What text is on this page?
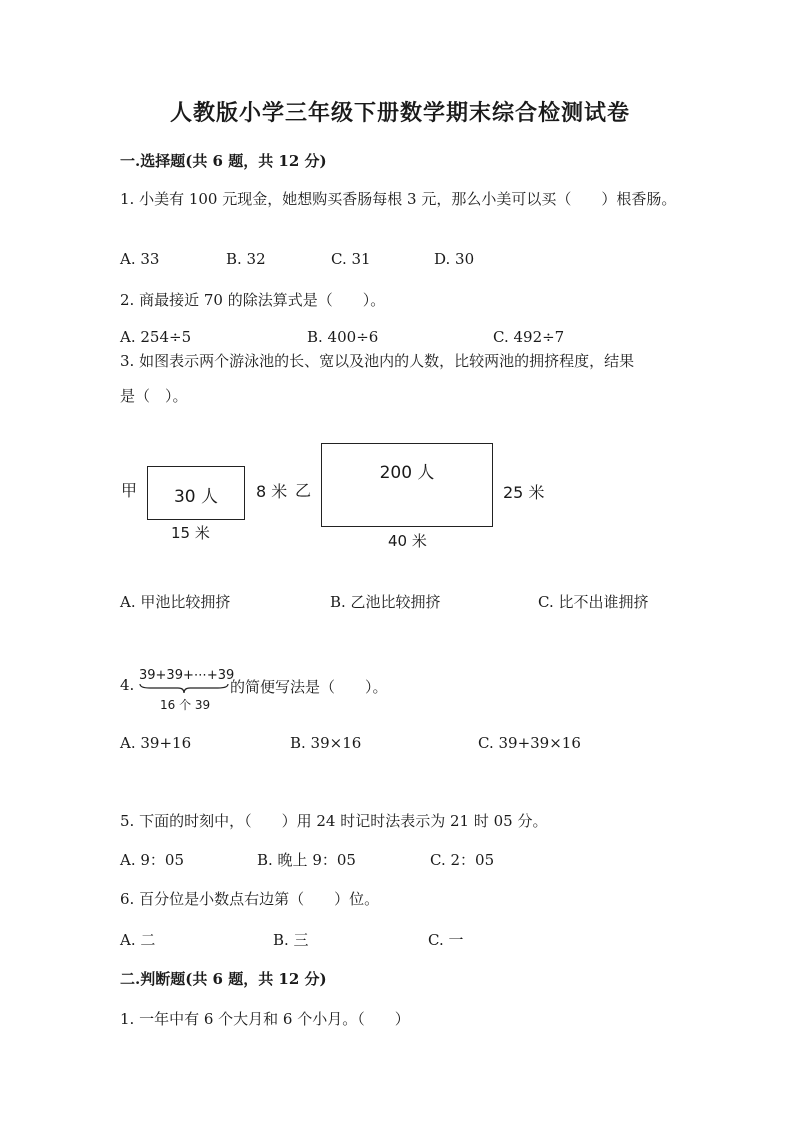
人教版小学三年级下册数学期末综合检测试卷
一.选择题(共 6 题，共 12 分)
1. 小美有 100 元现金，她想购买香肠每根 3 元，那么小美可以买（　　）根香肠。
A. 33	B. 32	C. 31	D. 30
2. 商最接近 70 的除法算式是（　　）。
A. 254÷5	B. 400÷6	C. 492÷7
3. 如图表示两个游泳池的长、宽以及池内的人数，比较两池的拥挤程度，结果
是（　）。
甲	30 人	8 米
15 米
乙
200 人
25 米
40 米
A. 甲池比较拥挤	B. 乙池比较拥挤	C. 比不出谁拥挤
4.
39+39+⋯+39
16 个 39
的简便写法是（　　）。
A. 39+16	B. 39×16	C. 39+39×16
5. 下面的时刻中，（　　）用 24 时记时法表示为 21 时 05 分。
A. 9：05	B. 晚上 9：05	C. 2：05
6. 百分位是小数点右边第（　　）位。
A. 二	B. 三	C. 一
二.判断题(共 6 题，共 12 分)
1. 一年中有 6 个大月和 6 个小月。（　　）
